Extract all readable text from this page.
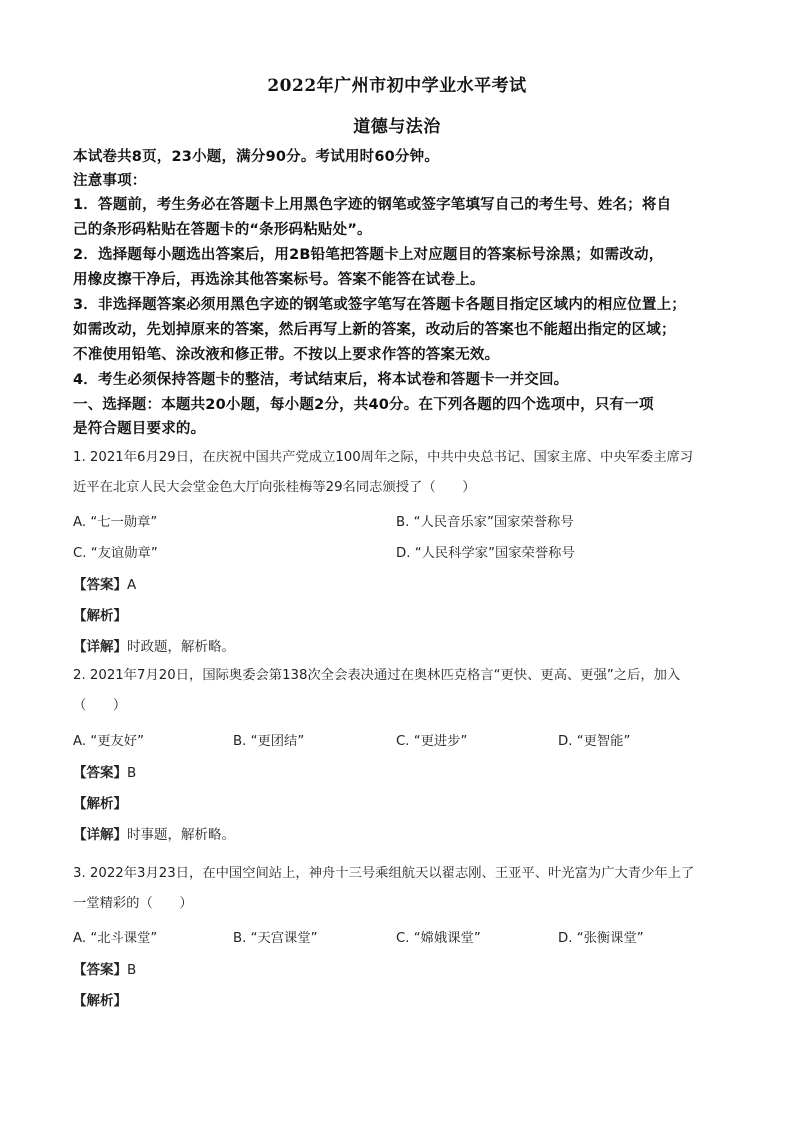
2022年广州市初中学业水平考试
道德与法治
本试卷共8页，23小题，满分90分。考试用时60分钟。
注意事项：
1．答题前，考生务必在答题卡上用黑色字迹的钢笔或签字笔填写自己的考生号、姓名；将自
己的条形码粘贴在答题卡的“条形码粘贴处”。
2．选择题每小题选出答案后，用2B铅笔把答题卡上对应题目的答案标号涂黑；如需改动，
用橡皮擦干净后，再选涂其他答案标号。答案不能答在试卷上。
3．非选择题答案必须用黑色字迹的钢笔或签字笔写在答题卡各题目指定区域内的相应位置上；
如需改动，先划掉原来的答案，然后再写上新的答案，改动后的答案也不能超出指定的区域；
不准使用铅笔、涂改液和修正带。不按以上要求作答的答案无效。
4．考生必须保持答题卡的整洁，考试结束后，将本试卷和答题卡一并交回。
一、选择题：本题共20小题，每小题2分，共40分。在下列各题的四个选项中，只有一项
是符合题目要求的。
1. 2021年6月29日，在庆祝中国共产党成立100周年之际，中共中央总书记、国家主席、中央军委主席习
近平在北京人民大会堂金色大厅向张桂梅等29名同志颁授了（　　）
A. “七一勋章”	B. “人民音乐家”国家荣誉称号
C. “友谊勋章”	D. “人民科学家”国家荣誉称号
【答案】A
【解析】
【详解】时政题，解析略。
2. 2021年7月20日，国际奥委会第138次全会表决通过在奥林匹克格言“更快、更高、更强”之后，加入
（　　）
A. “更友好”	B. “更团结”	C. “更进步”	D. “更智能”
【答案】B
【解析】
【详解】时事题，解析略。
3. 2022年3月23日，在中国空间站上，神舟十三号乘组航天以翟志刚、王亚平、叶光富为广大青少年上了
一堂精彩的（　　）
A. “北斗课堂”	B. “天宫课堂”	C. “嫦娥课堂”	D. “张衡课堂”
【答案】B
【解析】
